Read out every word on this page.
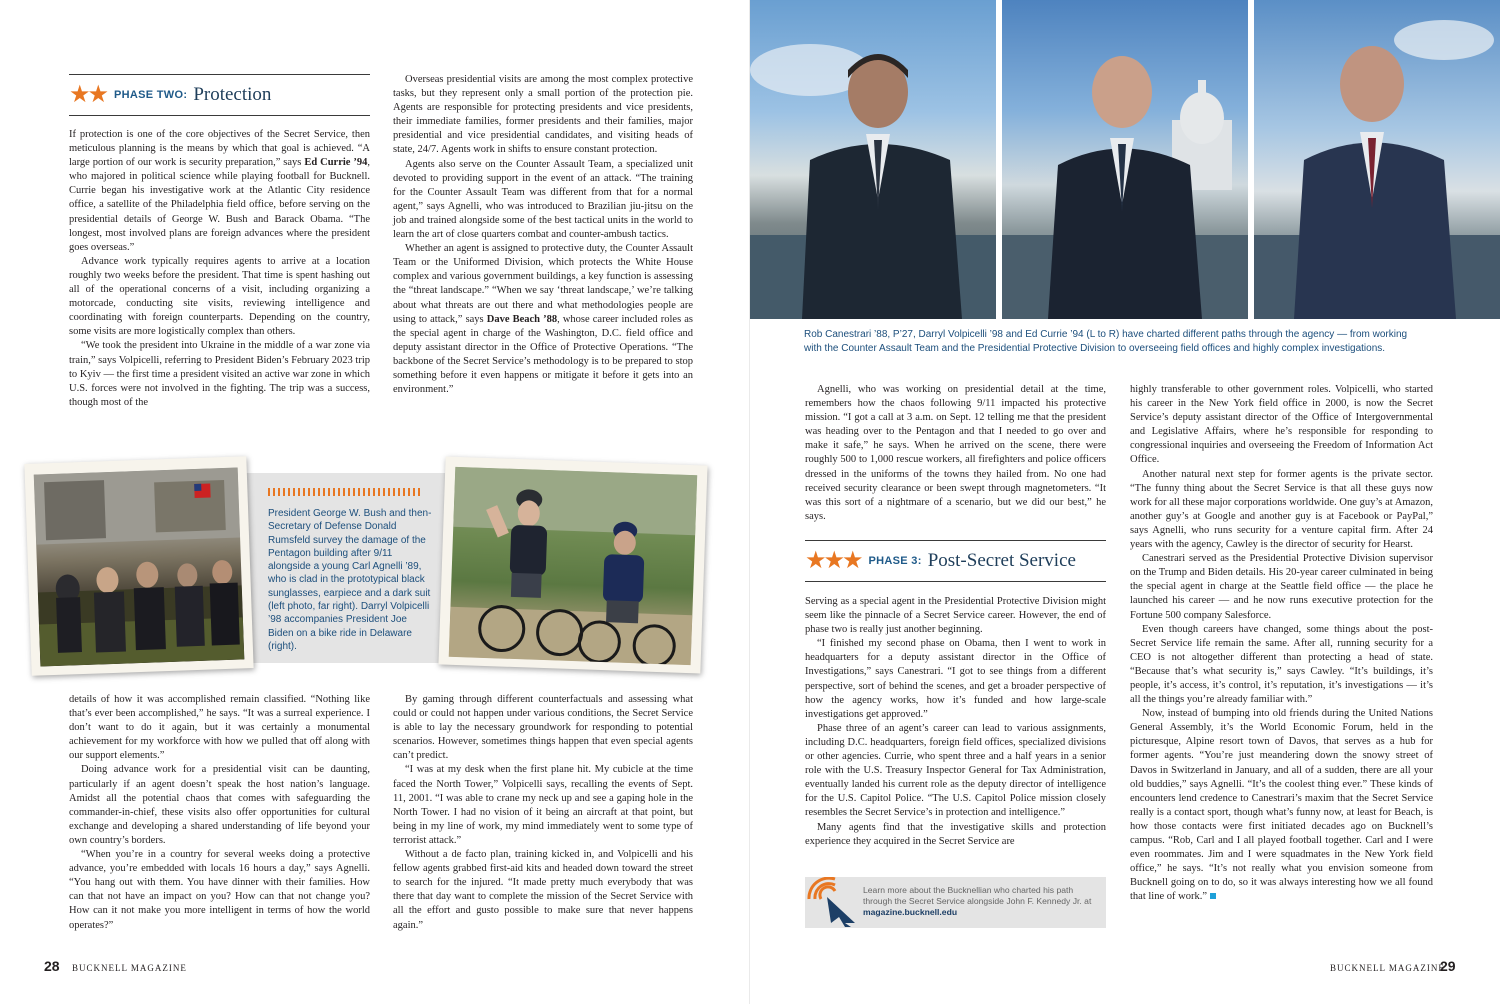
★★ PHASE TWO: Protection

If protection is one of the core objectives of the Secret Service, then meticulous planning is the means by which that goal is achieved. “A large portion of our work is security preparation,” says Ed Currie ’94, who majored in political science while playing football for Bucknell. Currie began his investigative work at the Atlantic City residence office, a satellite of the Philadelphia field office, before serving on the presidential details of George W. Bush and Barack Obama. “The longest, most involved plans are foreign advances where the president goes overseas.”

Advance work typically requires agents to arrive at a location roughly two weeks before the president. That time is spent hashing out all of the operational concerns of a visit, including organizing a motorcade, conducting site visits, reviewing intelligence and coordinating with foreign counterparts. Depending on the country, some visits are more logistically complex than others.

“We took the president into Ukraine in the middle of a war zone via train,” says Volpicelli, referring to President Biden’s February 2023 trip to Kyiv — the first time a president visited an active war zone in which U.S. forces were not involved in the fighting. The trip was a success, though most of the

Overseas presidential visits are among the most complex protective tasks, but they represent only a small portion of the protection pie. Agents are responsible for protecting presidents and vice presidents, their immediate families, former presidents and their families, major presidential and vice presidential candidates, and visiting heads of state, 24/7. Agents work in shifts to ensure constant protection.

Agents also serve on the Counter Assault Team, a specialized unit devoted to providing support in the event of an attack. “The training for the Counter Assault Team was different from that for a normal agent,” says Agnelli, who was introduced to Brazilian jiu-jitsu on the job and trained alongside some of the best tactical units in the world to learn the art of close quarters combat and counter-ambush tactics.

Whether an agent is assigned to protective duty, the Counter Assault Team or the Uniformed Division, which protects the White House complex and various government buildings, a key function is assessing the “threat landscape.” “When we say ‘threat landscape,’ we’re talking about what threats are out there and what methodologies people are using to attack,” says Dave Beach ’88, whose career included roles as the special agent in charge of the Washington, D.C. field office and deputy assistant director in the Office of Protective Operations. “The backbone of the Secret Service’s methodology is to be prepared to stop something before it even happens or mitigate it before it gets into an environment.”

President George W. Bush and then-Secretary of Defense Donald Rumsfeld survey the damage of the Pentagon building after 9/11 alongside a young Carl Agnelli ’89, who is clad in the prototypical black sunglasses, earpiece and a dark suit (left photo, far right). Darryl Volpicelli ’98 accompanies President Joe Biden on a bike ride in Delaware (right).

details of how it was accomplished remain classified. “Nothing like that’s ever been accomplished,” he says. “It was a surreal experience. I don’t want to do it again, but it was certainly a monumental achievement for my workforce with how we pulled that off along with our support elements.”

Doing advance work for a presidential visit can be daunting, particularly if an agent doesn’t speak the host nation’s language. Amidst all the potential chaos that comes with safeguarding the commander-in-chief, these visits also offer opportunities for cultural exchange and developing a shared understanding of life beyond your own country’s borders.

“When you’re in a country for several weeks doing a protective advance, you’re embedded with locals 16 hours a day,” says Agnelli. “You hang out with them. You have dinner with their families. How can that not have an impact on you? How can that not change you? How can it not make you more intelligent in terms of how the world operates?”

By gaming through different counterfactuals and assessing what could or could not happen under various conditions, the Secret Service is able to lay the necessary groundwork for responding to potential scenarios. However, sometimes things happen that even special agents can’t predict.

“I was at my desk when the first plane hit. My cubicle at the time faced the North Tower,” Volpicelli says, recalling the events of Sept. 11, 2001. “I was able to crane my neck up and see a gaping hole in the North Tower. I had no vision of it being an aircraft at that point, but being in my line of work, my mind immediately went to some type of terrorist attack.”

Without a de facto plan, training kicked in, and Volpicelli and his fellow agents grabbed first-aid kits and headed down toward the street to search for the injured. “It made pretty much everybody that was there that day want to complete the mission of the Secret Service with all the effort and gusto possible to make sure that never happens again.”

28 BUCKNELL MAGAZINE
Rob Canestrari ’88, P’27, Darryl Volpicelli ’98 and Ed Currie ’94 (L to R) have charted different paths through the agency — from working with the Counter Assault Team and the Presidential Protective Division to overseeing field offices and highly complex investigations.

Agnelli, who was working on presidential detail at the time, remembers how the chaos following 9/11 impacted his protective mission. “I got a call at 3 a.m. on Sept. 12 telling me that the president was heading over to the Pentagon and that I needed to go over and make it safe,” he says. When he arrived on the scene, there were roughly 500 to 1,000 rescue workers, all firefighters and police officers dressed in the uniforms of the towns they hailed from. No one had received security clearance or been swept through magnetometers. “It was this sort of a nightmare of a scenario, but we did our best,” he says.

★★★ PHASE 3: Post-Secret Service

Serving as a special agent in the Presidential Protective Division might seem like the pinnacle of a Secret Service career. However, the end of phase two is really just another beginning.

“I finished my second phase on Obama, then I went to work in headquarters for a deputy assistant director in the Office of Investigations,” says Canestrari. “I got to see things from a different perspective, sort of behind the scenes, and get a broader perspective of how the agency works, how it’s funded and how large-scale investigations get approved.”

Phase three of an agent’s career can lead to various assignments, including D.C. headquarters, foreign field offices, specialized divisions or other agencies. Currie, who spent three and a half years in a senior role with the U.S. Treasury Inspector General for Tax Administration, eventually landed his current role as the deputy director of intelligence for the U.S. Capitol Police. “The U.S. Capitol Police mission closely resembles the Secret Service’s in protection and intelligence.”

Many agents find that the investigative skills and protection experience they acquired in the Secret Service are

Learn more about the Bucknellian who charted his path through the Secret Service alongside John F. Kennedy Jr. at magazine.bucknell.edu

highly transferable to other government roles. Volpicelli, who started his career in the New York field office in 2000, is now the Secret Service’s deputy assistant director of the Office of Intergovernmental and Legislative Affairs, where he’s responsible for responding to congressional inquiries and overseeing the Freedom of Information Act Office.

Another natural next step for former agents is the private sector. “The funny thing about the Secret Service is that all these guys now work for all these major corporations worldwide. One guy’s at Amazon, another guy’s at Google and another guy is at Facebook or PayPal,” says Agnelli, who runs security for a venture capital firm. After 24 years with the agency, Cawley is the director of security for Hearst.

Canestrari served as the Presidential Protective Division supervisor on the Trump and Biden details. His 20-year career culminated in being the special agent in charge at the Seattle field office — the place he launched his career — and he now runs executive protection for the Fortune 500 company Salesforce.

Even though careers have changed, some things about the post-Secret Service life remain the same. After all, running security for a CEO is not altogether different than protecting a head of state. “Because that’s what security is,” says Cawley. “It’s buildings, it’s people, it’s access, it’s control, it’s reputation, it’s investigations — it’s all the things you’re already familiar with.”

Now, instead of bumping into old friends during the United Nations General Assembly, it’s the World Economic Forum, held in the picturesque, Alpine resort town of Davos, that serves as a hub for former agents. “You’re just meandering down the snowy street of Davos in Switzerland in January, and all of a sudden, there are all your old buddies,” says Agnelli. “It’s the coolest thing ever.” These kinds of encounters lend credence to Canestrari’s maxim that the Secret Service really is a contact sport, though what’s funny now, at least for Beach, is how those contacts were first initiated decades ago on Bucknell’s campus. “Rob, Carl and I all played football together. Carl and I were even roommates. Jim and I were squadmates in the New York field office,” he says. “It’s not really what you envision someone from Bucknell going on to do, so it was always interesting how we all found that line of work.”

BUCKNELL MAGAZINE
29
